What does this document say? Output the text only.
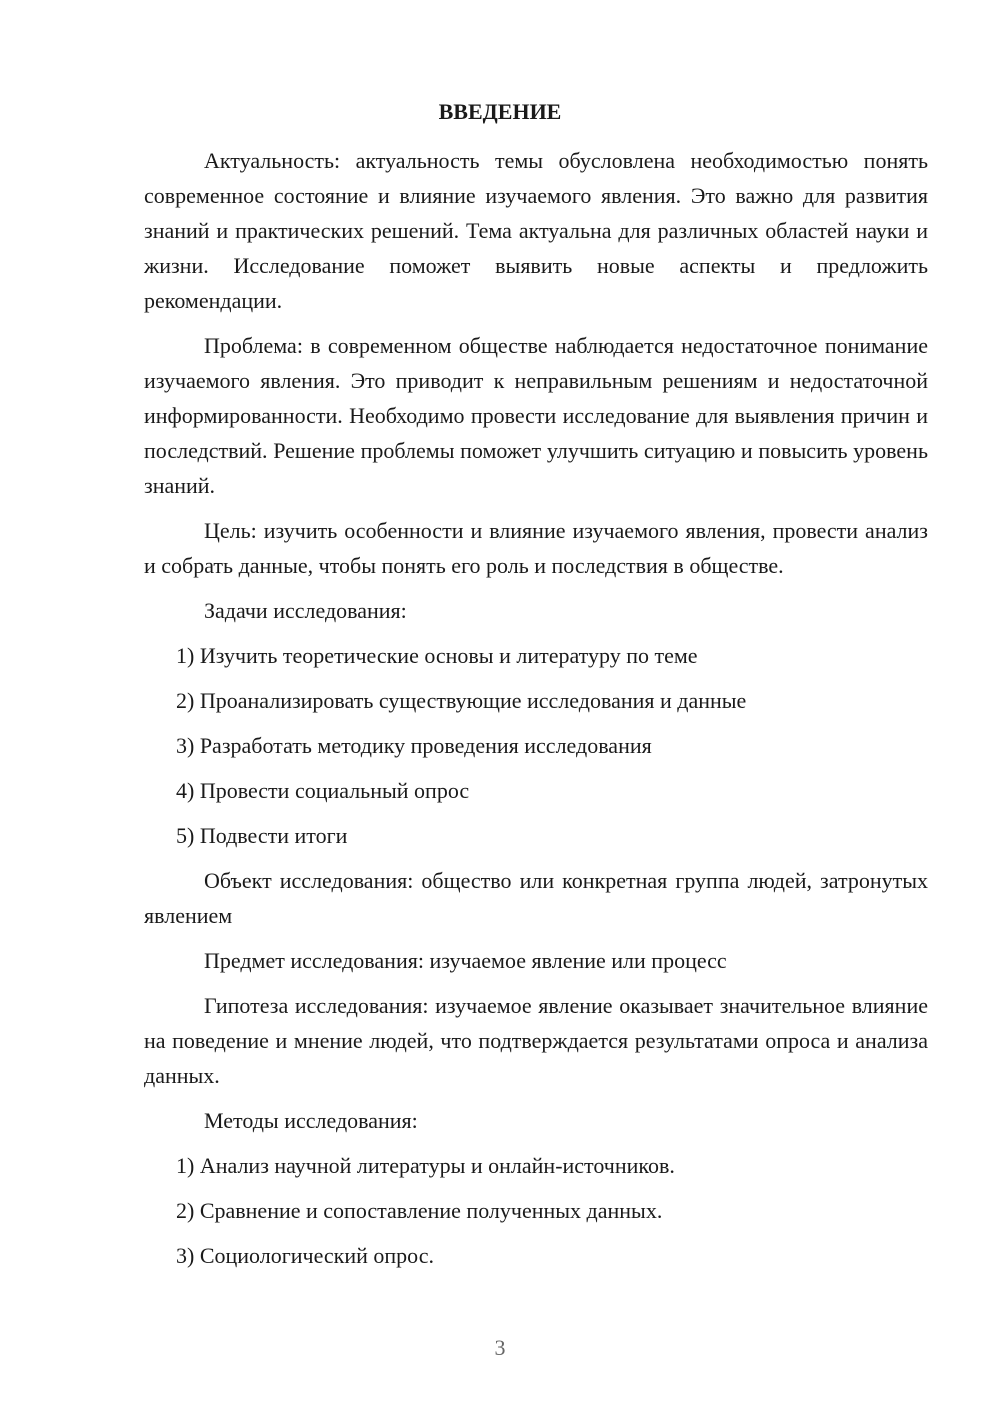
ВВЕДЕНИЕ

Актуальность: актуальность темы обусловлена необходимостью понять современное состояние и влияние изучаемого явления. Это важно для развития знаний и практических решений. Тема актуальна для различных областей науки и жизни. Исследование поможет выявить новые аспекты и предложить рекомендации.

Проблема: в современном обществе наблюдается недостаточное понимание изучаемого явления. Это приводит к неправильным решениям и недостаточной информированности. Необходимо провести исследование для выявления причин и последствий. Решение проблемы поможет улучшить ситуацию и повысить уровень знаний.

Цель: изучить особенности и влияние изучаемого явления, провести анализ и собрать данные, чтобы понять его роль и последствия в обществе.

Задачи исследования:
1) Изучить теоретические основы и литературу по теме
2) Проанализировать существующие исследования и данные
3) Разработать методику проведения исследования
4) Провести социальный опрос
5) Подвести итоги

Объект исследования: общество или конкретная группа людей, затронутых явлением

Предмет исследования: изучаемое явление или процесс

Гипотеза исследования: изучаемое явление оказывает значительное влияние на поведение и мнение людей, что подтверждается результатами опроса и анализа данных.

Методы исследования:
1) Анализ научной литературы и онлайн-источников.
2) Сравнение и сопоставление полученных данных.
3) Социологический опрос.
3
